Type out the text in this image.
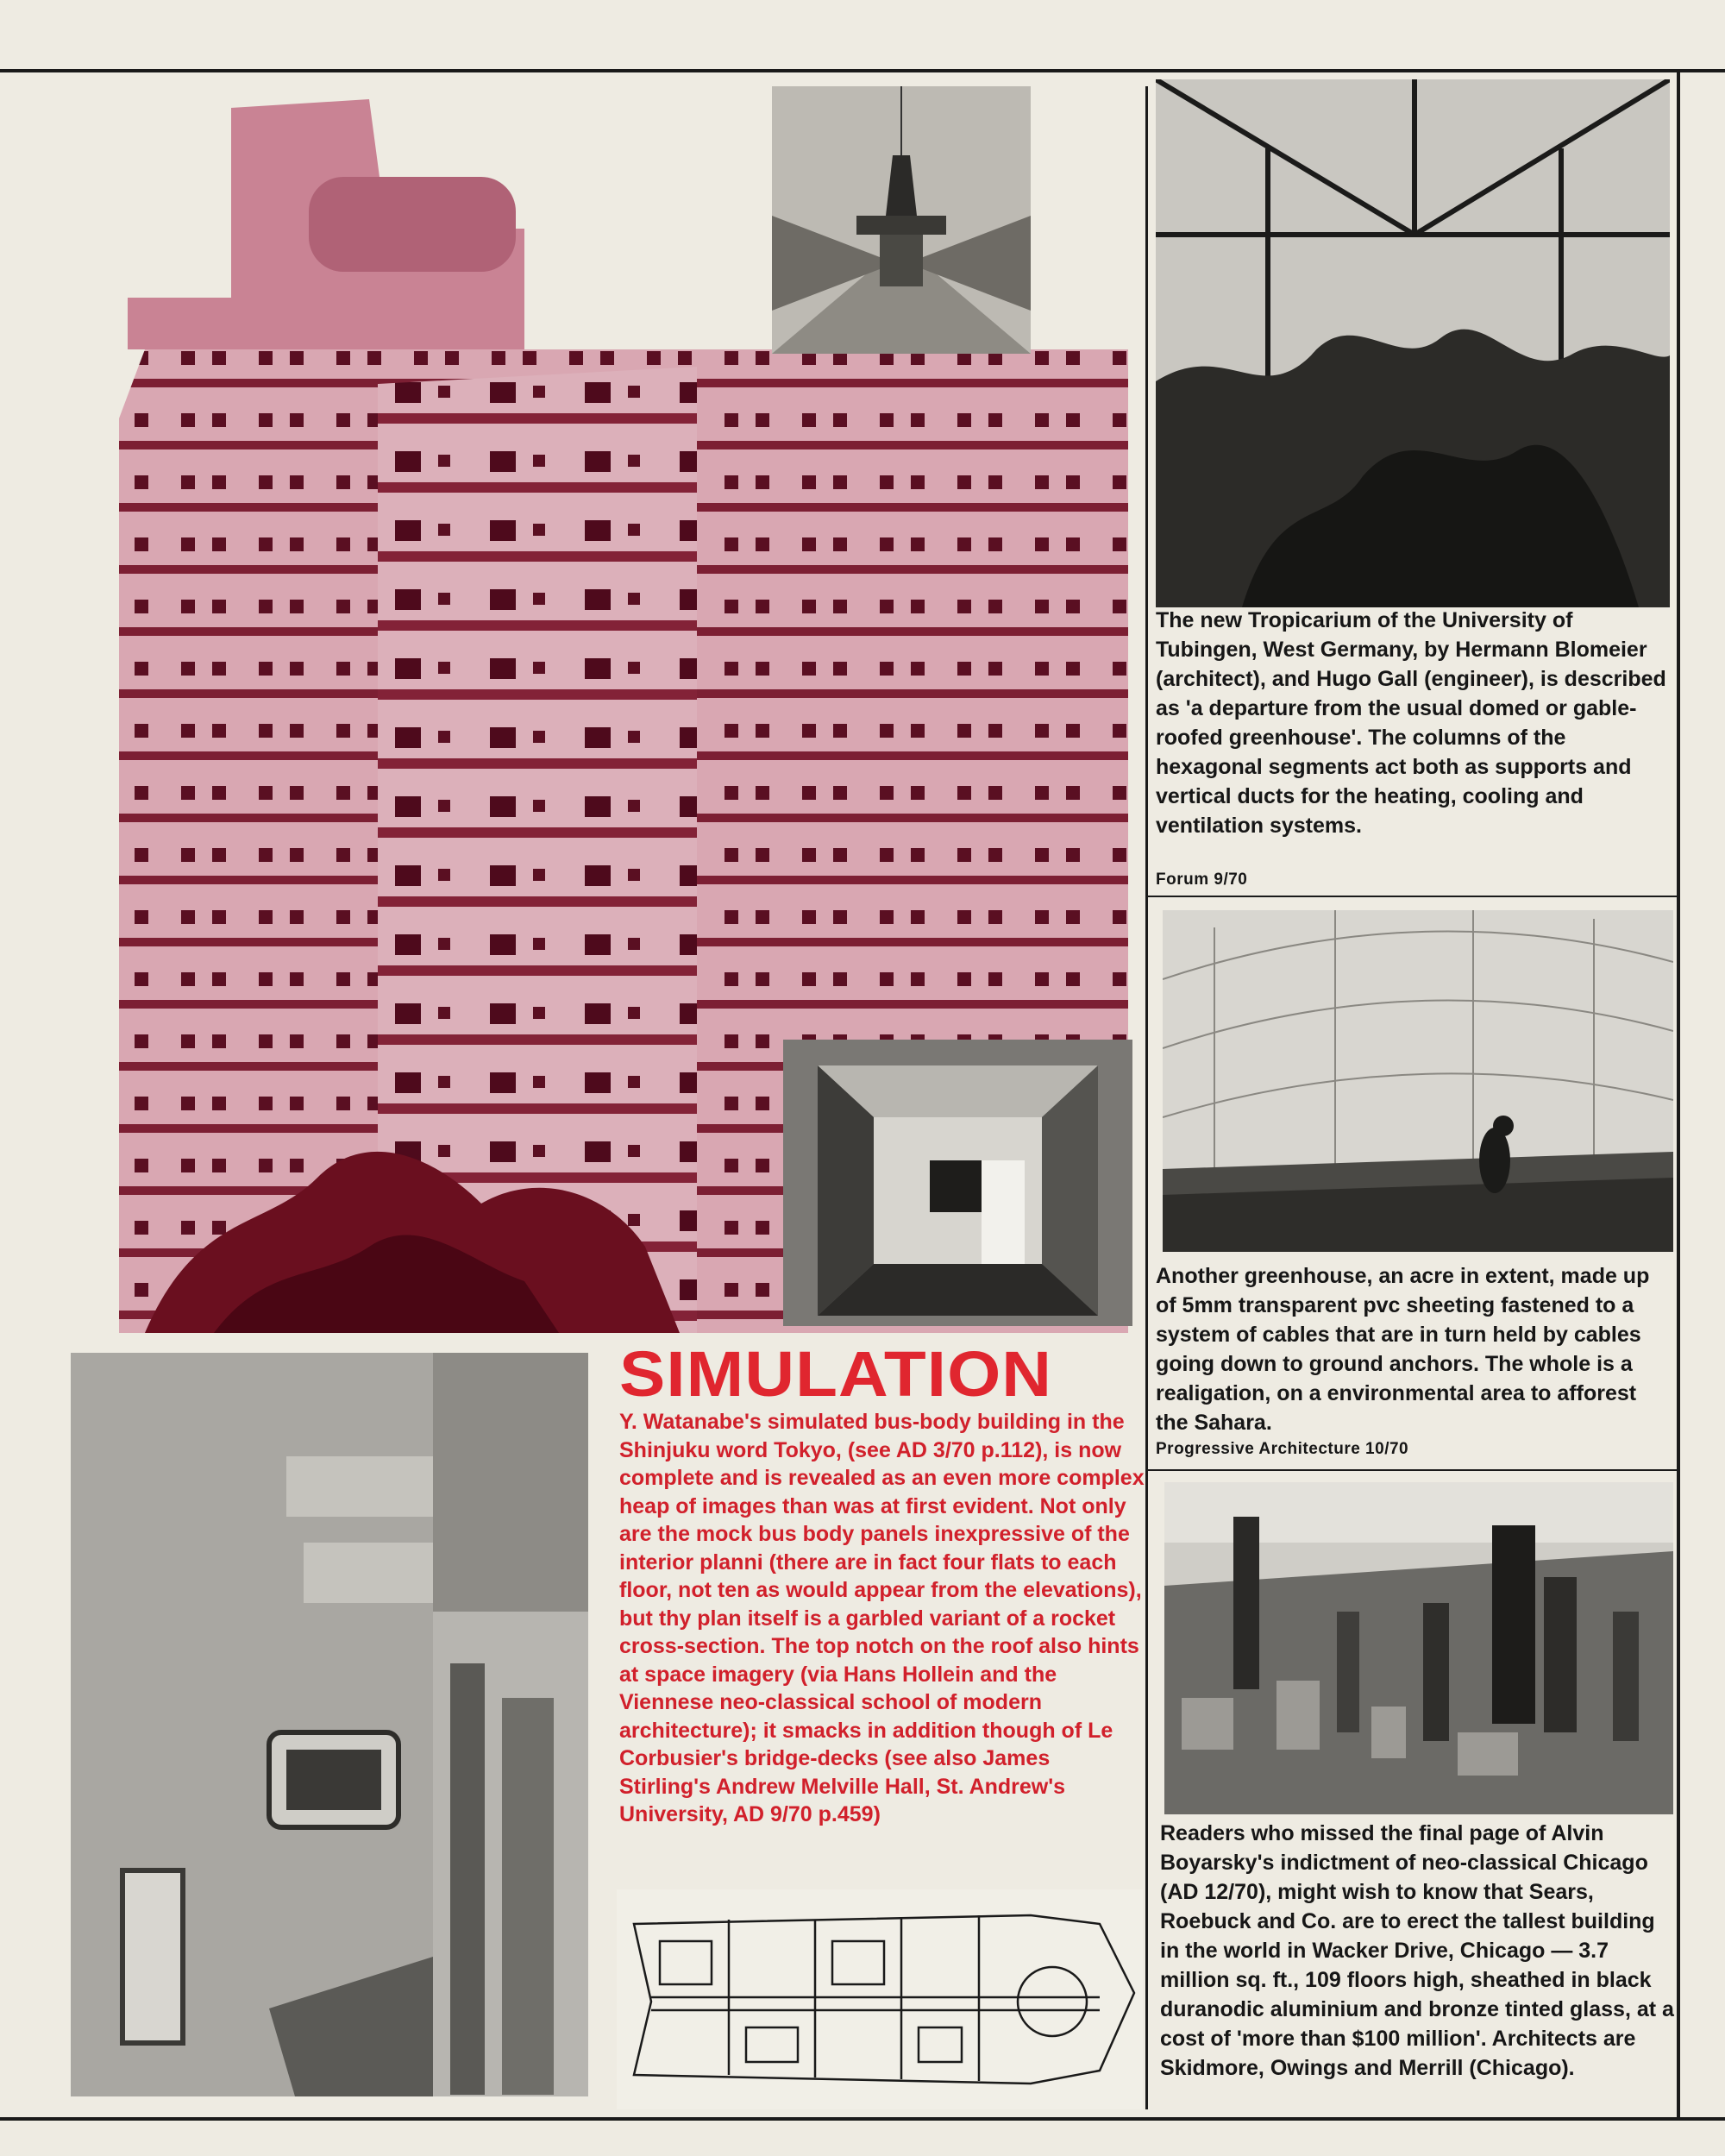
The new Tropicarium of the University of Tubingen, West Germany, by Hermann Blomeier (architect), and Hugo Gall (engineer), is described as 'a departure from the usual domed or gable-roofed greenhouse'. The columns of the hexagonal segments act both as supports and vertical ducts for the heating, cooling and ventilation systems.
Forum 9/70
Another greenhouse, an acre in extent, made up of 5mm transparent pvc sheeting fastened to a system of cables that are in turn held by cables going down to ground anchors. The whole is a realigation, on a environmental area to afforest the Sahara.
Progressive Architecture 10/70
Readers who missed the final page of Alvin Boyarsky's indictment of neo-classical Chicago (AD 12/70), might wish to know that Sears, Roebuck and Co. are to erect the tallest building in the world in Wacker Drive, Chicago — 3.7 million sq. ft., 109 floors high, sheathed in black duranodic aluminium and bronze tinted glass, at a cost of 'more than $100 million'. Architects are Skidmore, Owings and Merrill (Chicago).
SIMULATION

Y. Watanabe's simulated bus-body building in the Shinjuku word Tokyo, (see AD 3/70 p.112), is now complete and is revealed as an even more complex heap of images than was at first evident. Not only are the mock bus body panels inexpressive of the interior planni (there are in fact four flats to each floor, not ten as would appear from the elevations), but thy plan itself is a garbled variant of a rocket cross-section. The top notch on the roof also hints at space imagery (via Hans Hollein and the Viennese neo-classical school of modern architecture); it smacks in addition though of Le Corbusier's bridge-decks (see also James Stirling's Andrew Melville Hall, St. Andrew's University, AD 9/70 p.459)
